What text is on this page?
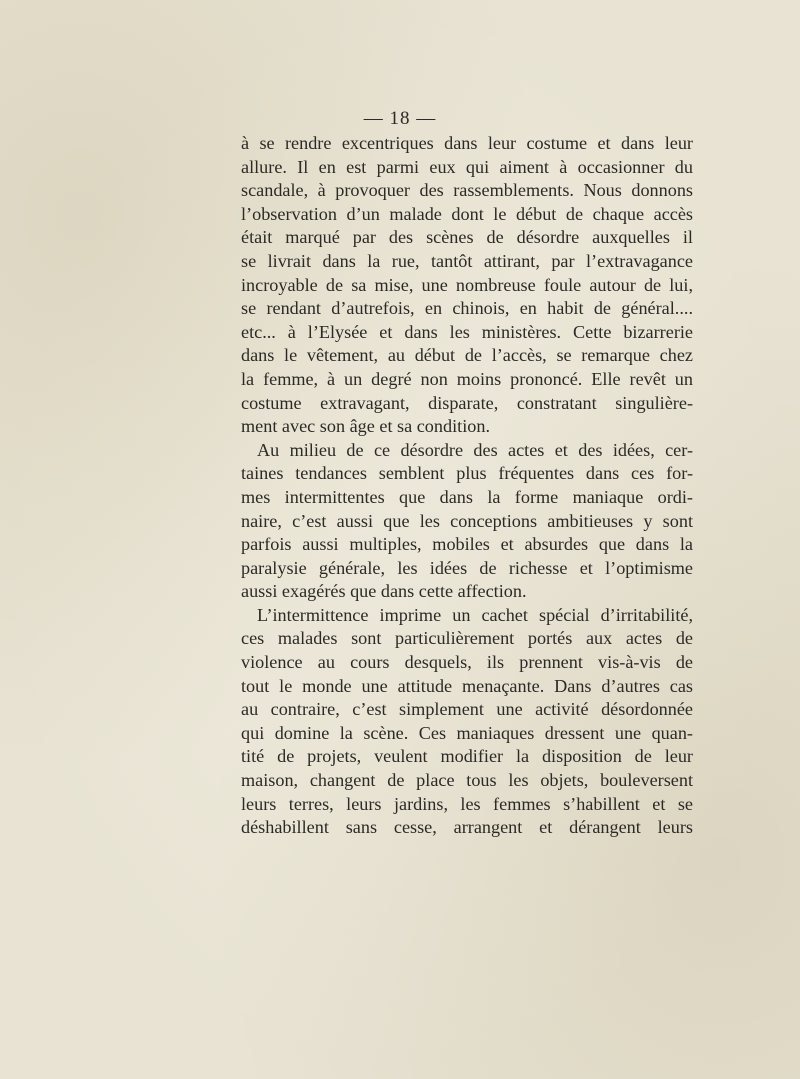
— 18 —
à se rendre excentriques dans leur costume et dans leur
allure. Il en est parmi eux qui aiment à occasionner du
scandale, à provoquer des rassemblements. Nous donnons
l’observation d’un malade dont le début de chaque accès
était marqué par des scènes de désordre auxquelles il
se livrait dans la rue, tantôt attirant, par l’extravagance
incroyable de sa mise, une nombreuse foule autour de lui,
se rendant d’autrefois, en chinois, en habit de général....
etc... à l’Elysée et dans les ministères. Cette bizarrerie
dans le vêtement, au début de l’accès, se remarque chez
la femme, à un degré non moins prononcé. Elle revêt un
costume extravagant, disparate, constratant singulière-
ment avec son âge et sa condition.
Au milieu de ce désordre des actes et des idées, cer-
taines tendances semblent plus fréquentes dans ces for-
mes intermittentes que dans la forme maniaque ordi-
naire, c’est aussi que les conceptions ambitieuses y sont
parfois aussi multiples, mobiles et absurdes que dans la
paralysie générale, les idées de richesse et l’optimisme
aussi exagérés que dans cette affection.
L’intermittence imprime un cachet spécial d’irritabilité,
ces malades sont particulièrement portés aux actes de
violence au cours desquels, ils prennent vis-à-vis de
tout le monde une attitude menaçante. Dans d’autres cas
au contraire, c’est simplement une activité désordonnée
qui domine la scène. Ces maniaques dressent une quan-
tité de projets, veulent modifier la disposition de leur
maison, changent de place tous les objets, bouleversent
leurs terres, leurs jardins, les femmes s’habillent et se
déshabillent sans cesse, arrangent et dérangent leurs
